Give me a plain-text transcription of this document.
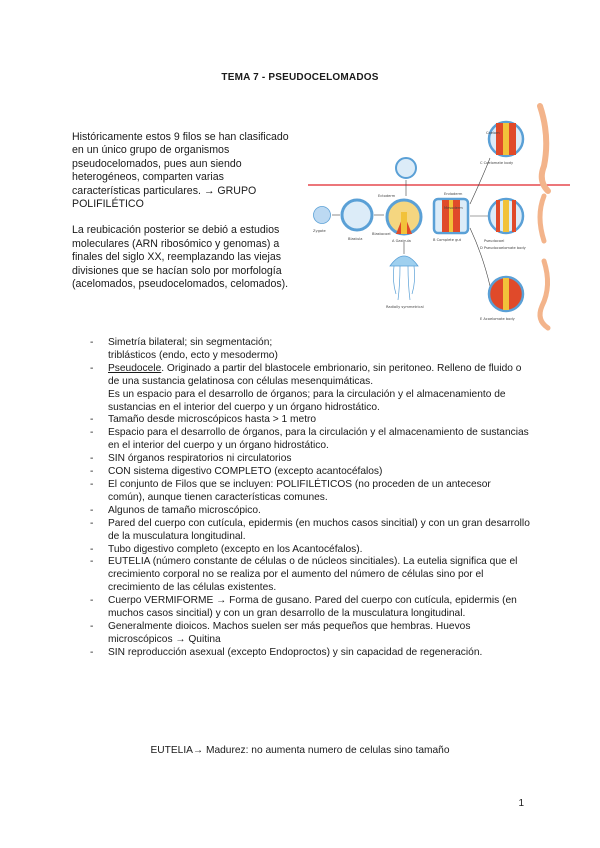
TEMA 7 - PSEUDOCELOMADOS

Históricamente estos 9 filos se han clasificado en un único grupo de organismos pseudocelomados, pues aun siendo heterogéneos, comparten varias características particulares. → GRUPO POLIFILÉTICO

La reubicación posterior se debió a estudios moleculares (ARN ribosómico y genomas) a finales del siglo XX, reemplazando las viejas divisiones que se hacían solo por morfología (acelomados, pseudocelomados, celomados).

Zygote
Blastula	A Gastrula
Ectoderm
Blastocoel
B Complete gut
Endoderm
Mesoderm
C Coelomate body
Coelom
Pseudocoel
D Pseudocoelomate body
E Acoelomate body
Radially symmetrical
- Simetría bilateral; sin segmentación;
triblásticos (endo, ecto y mesodermo)
- Pseudocele. Originado a partir del blastocele embrionario, sin peritoneo. Relleno de fluido o de una sustancia gelatinosa con células mesenquimáticas.
Es un espacio para el desarrollo de órganos; para la circulación y el almacenamiento de sustancias en el interior del cuerpo y un órgano hidrostático.
- Tamaño desde microscópicos hasta > 1 metro
- Espacio para el desarrollo de órganos, para la circulación y el almacenamiento de sustancias en el interior del cuerpo y un órgano hidrostático.
- SIN órganos respiratorios ni circulatorios
- CON sistema digestivo COMPLETO (excepto acantocéfalos)
- El conjunto de Filos que se incluyen: POLIFILÉTICOS (no proceden de un antecesor común), aunque tienen características comunes.
- Algunos de tamaño microscópico.
- Pared del cuerpo con cutícula, epidermis (en muchos casos sincitial) y con un gran desarrollo de la musculatura longitudinal.
- Tubo digestivo completo (excepto en los Acantocéfalos).
- EUTELIA (número constante de células o de núcleos sincitiales). La eutelia significa que el crecimiento corporal no se realiza por el aumento del número de células sino por el crecimiento de las células existentes.
- Cuerpo VERMIFORME → Forma de gusano. Pared del cuerpo con cutícula, epidermis (en muchos casos sincitial) y con un gran desarrollo de la musculatura longitudinal.
- Generalmente dioicos. Machos suelen ser más pequeños que hembras. Huevos microscópicos → Quitina
- SIN reproducción asexual (excepto Endoproctos) y sin capacidad de regeneración.
EUTELIA→ Madurez: no aumenta numero de celulas sino tamaño
1
